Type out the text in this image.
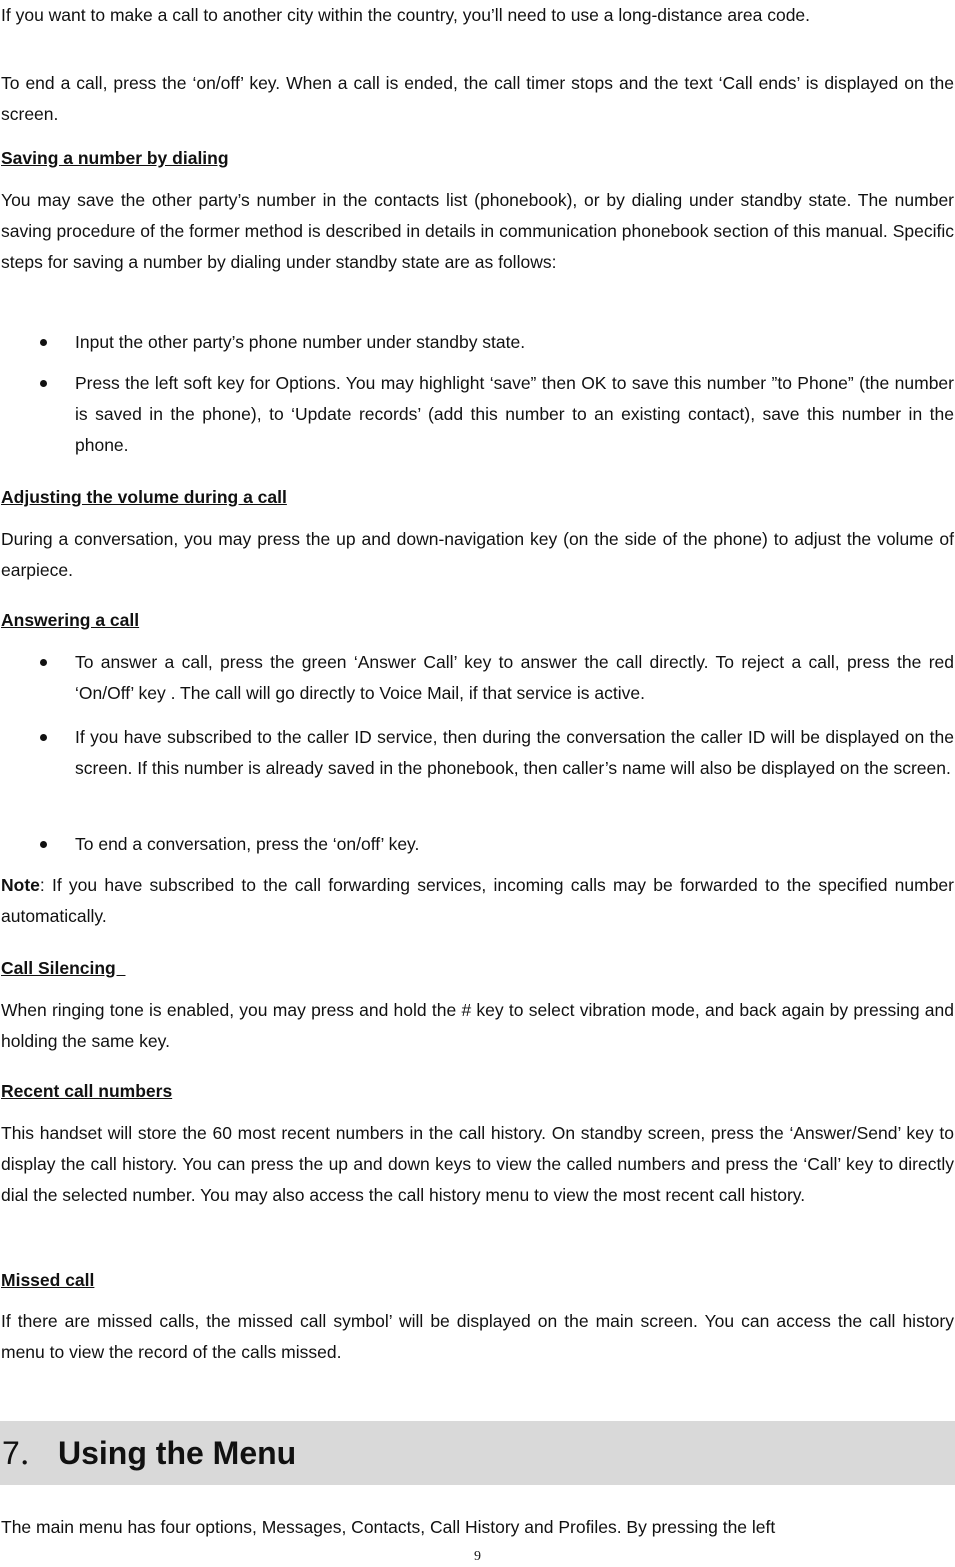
If you want to make a call to another city within the country, you’ll need to use a long-distance area code.

To end a call, press the ‘on/off’ key. When a call is ended, the call timer stops and the text ‘Call ends’ is displayed on the screen.

Saving a number by dialing

You may save the other party’s number in the contacts list (phonebook), or by dialing under standby state. The number saving procedure of the former method is described in details in communication phonebook section of this manual. Specific steps for saving a number by dialing under standby state are as follows:

Input the other party’s phone number under standby state.
Press the left soft key for Options. You may highlight ‘save” then OK to save this number ”to Phone” (the number is saved in the phone), to ‘Update records’ (add this number to an existing contact), save this number in the phone.
Adjusting the volume during a call

During a conversation, you may press the up and down-navigation key (on the side of the phone) to adjust the volume of earpiece.

Answering a call
To answer a call, press the green ‘Answer Call’ key to answer the call directly. To reject a call, press the red ‘On/Off’ key . The call will go directly to Voice Mail, if that service is active.
If you have subscribed to the caller ID service, then during the conversation the caller ID will be displayed on the screen. If this number is already saved in the phonebook, then caller’s name will also be displayed on the screen.
To end a conversation, press the ‘on/off’ key.

Note: If you have subscribed to the call forwarding services, incoming calls may be forwarded to the specified number automatically.

Call Silencing

When ringing tone is enabled, you may press and hold the # key to select vibration mode, and back again by pressing and holding the same key.

Recent call numbers

This handset will store the 60 most recent numbers in the call history. On standby screen, press the ‘Answer/Send’ key to display the call history. You can press the up and down keys to view the called numbers and press the ‘Call’ key to directly dial the selected number. You may also access the call history menu to view the most recent call history.

Missed call

If there are missed calls, the missed call symbol’ will be displayed on the main screen. You can access the call history menu to view the record of the calls missed.

7． Using the Menu

The main menu has four options, Messages, Contacts, Call History and Profiles. By pressing the left

9
